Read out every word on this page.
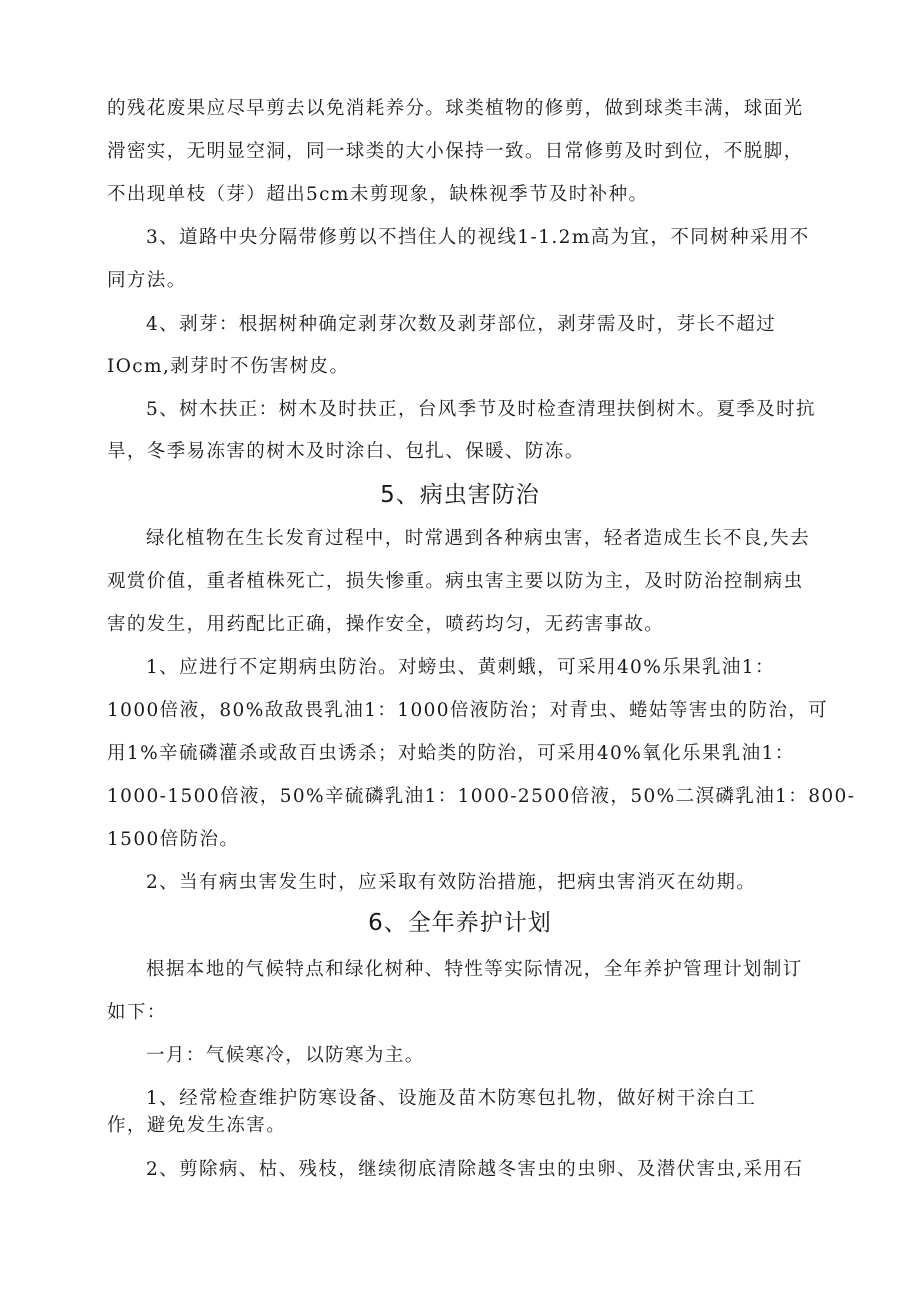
的残花废果应尽早剪去以免消耗养分。球类植物的修剪，做到球类丰满，球面光
滑密实，无明显空洞，同一球类的大小保持一致。日常修剪及时到位，不脱脚，
不出现单枝（芽）超出5cm未剪现象，缺株视季节及时补种。
3、道路中央分隔带修剪以不挡住人的视线1-1.2m高为宜，不同树种采用不
同方法。
4、剥芽：根据树种确定剥芽次数及剥芽部位，剥芽需及时，芽长不超过
IOcm,剥芽时不伤害树皮。
5、树木扶正：树木及时扶正，台风季节及时检查清理扶倒树木。夏季及时抗
旱，冬季易冻害的树木及时涂白、包扎、保暖、防冻。
5、病虫害防治
绿化植物在生长发育过程中，时常遇到各种病虫害，轻者造成生长不良,失去
观赏价值，重者植株死亡，损失惨重。病虫害主要以防为主，及时防治控制病虫
害的发生，用药配比正确，操作安全，喷药均匀，无药害事故。
1、应进行不定期病虫防治。对螃虫、黄刺蛾，可采用40%乐果乳油1：
1000倍液，80%敌敌畏乳油1：1000倍液防治；对青虫、蜷姑等害虫的防治，可
用1%辛硫磷灌杀或敌百虫诱杀；对蛤类的防治，可采用40%氧化乐果乳油1：
1000-1500倍液，50%辛硫磷乳油1：1000-2500倍液，50%二溟磷乳油1：800-
1500倍防治。
2、当有病虫害发生时，应采取有效防治措施，把病虫害消灭在幼期。
6、全年养护计划
根据本地的气候特点和绿化树种、特性等实际情况，全年养护管理计划制订
如下：
一月：气候寒冷，以防寒为主。
1、经常检查维护防寒设备、设施及苗木防寒包扎物，做好树干涂白工
作，避免发生冻害。
2、剪除病、枯、残枝，继续彻底清除越冬害虫的虫卵、及潜伏害虫,采用石
